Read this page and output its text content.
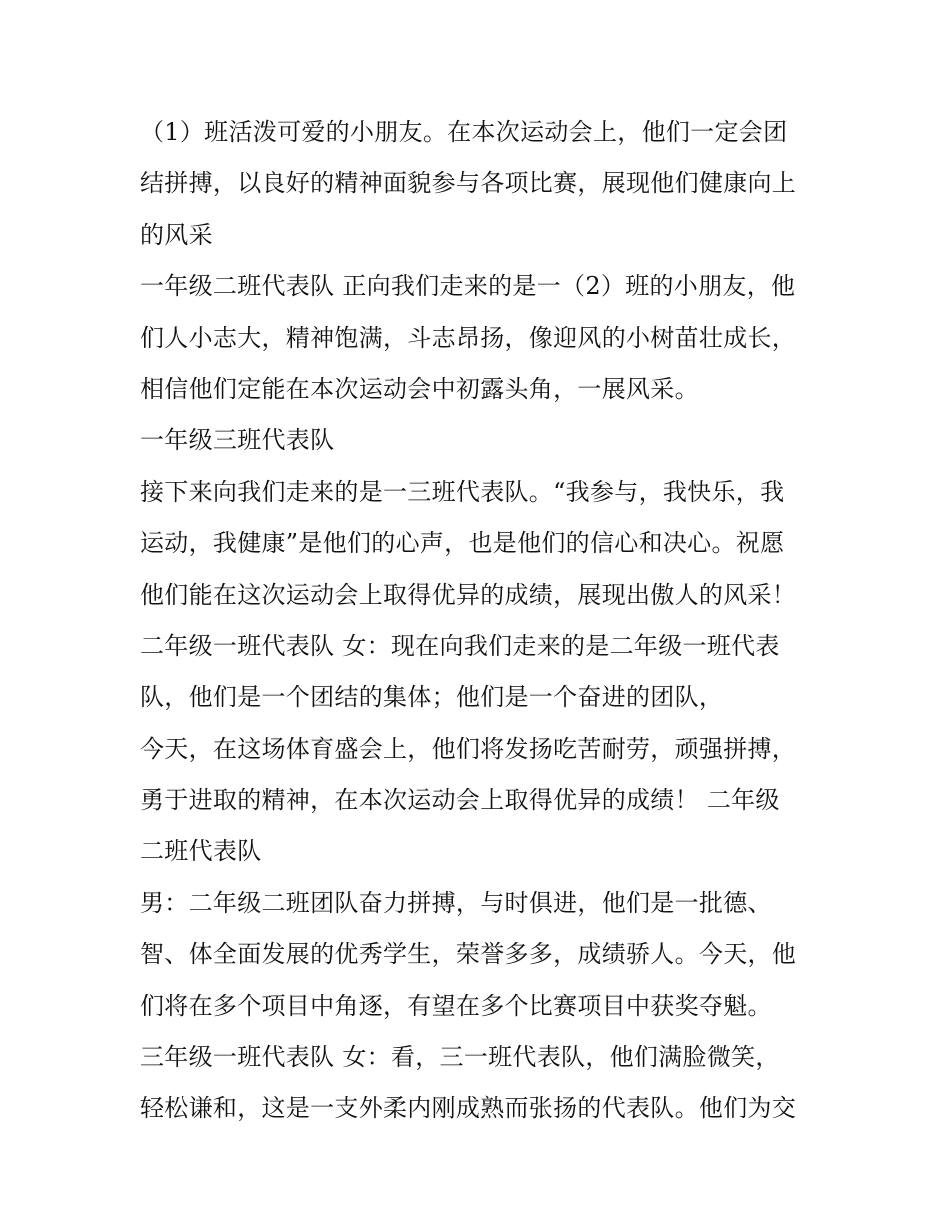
（1）班活泼可爱的小朋友。在本次运动会上，他们一定会团
结拼搏，以良好的精神面貌参与各项比赛，展现他们健康向上
的风采
一年级二班代表队 正向我们走来的是一（2）班的小朋友，他
们人小志大，精神饱满，斗志昂扬，像迎风的小树苗壮成长，
相信他们定能在本次运动会中初露头角，一展风采。
一年级三班代表队
接下来向我们走来的是一三班代表队。“我参与，我快乐，我
运动，我健康”是他们的心声，也是他们的信心和决心。祝愿
他们能在这次运动会上取得优异的成绩，展现出傲人的风采！
二年级一班代表队 女：现在向我们走来的是二年级一班代表
队，他们是一个团结的集体；他们是一个奋进的团队，
今天，在这场体育盛会上，他们将发扬吃苦耐劳，顽强拼搏，
勇于进取的精神，在本次运动会上取得优异的成绩！ 二年级
二班代表队
男：二年级二班团队奋力拼搏，与时俱进，他们是一批德、
智、体全面发展的优秀学生，荣誉多多，成绩骄人。今天，他
们将在多个项目中角逐，有望在多个比赛项目中获奖夺魁。
三年级一班代表队 女：看，三一班代表队，他们满脸微笑，
轻松谦和，这是一支外柔内刚成熟而张扬的代表队。他们为交
